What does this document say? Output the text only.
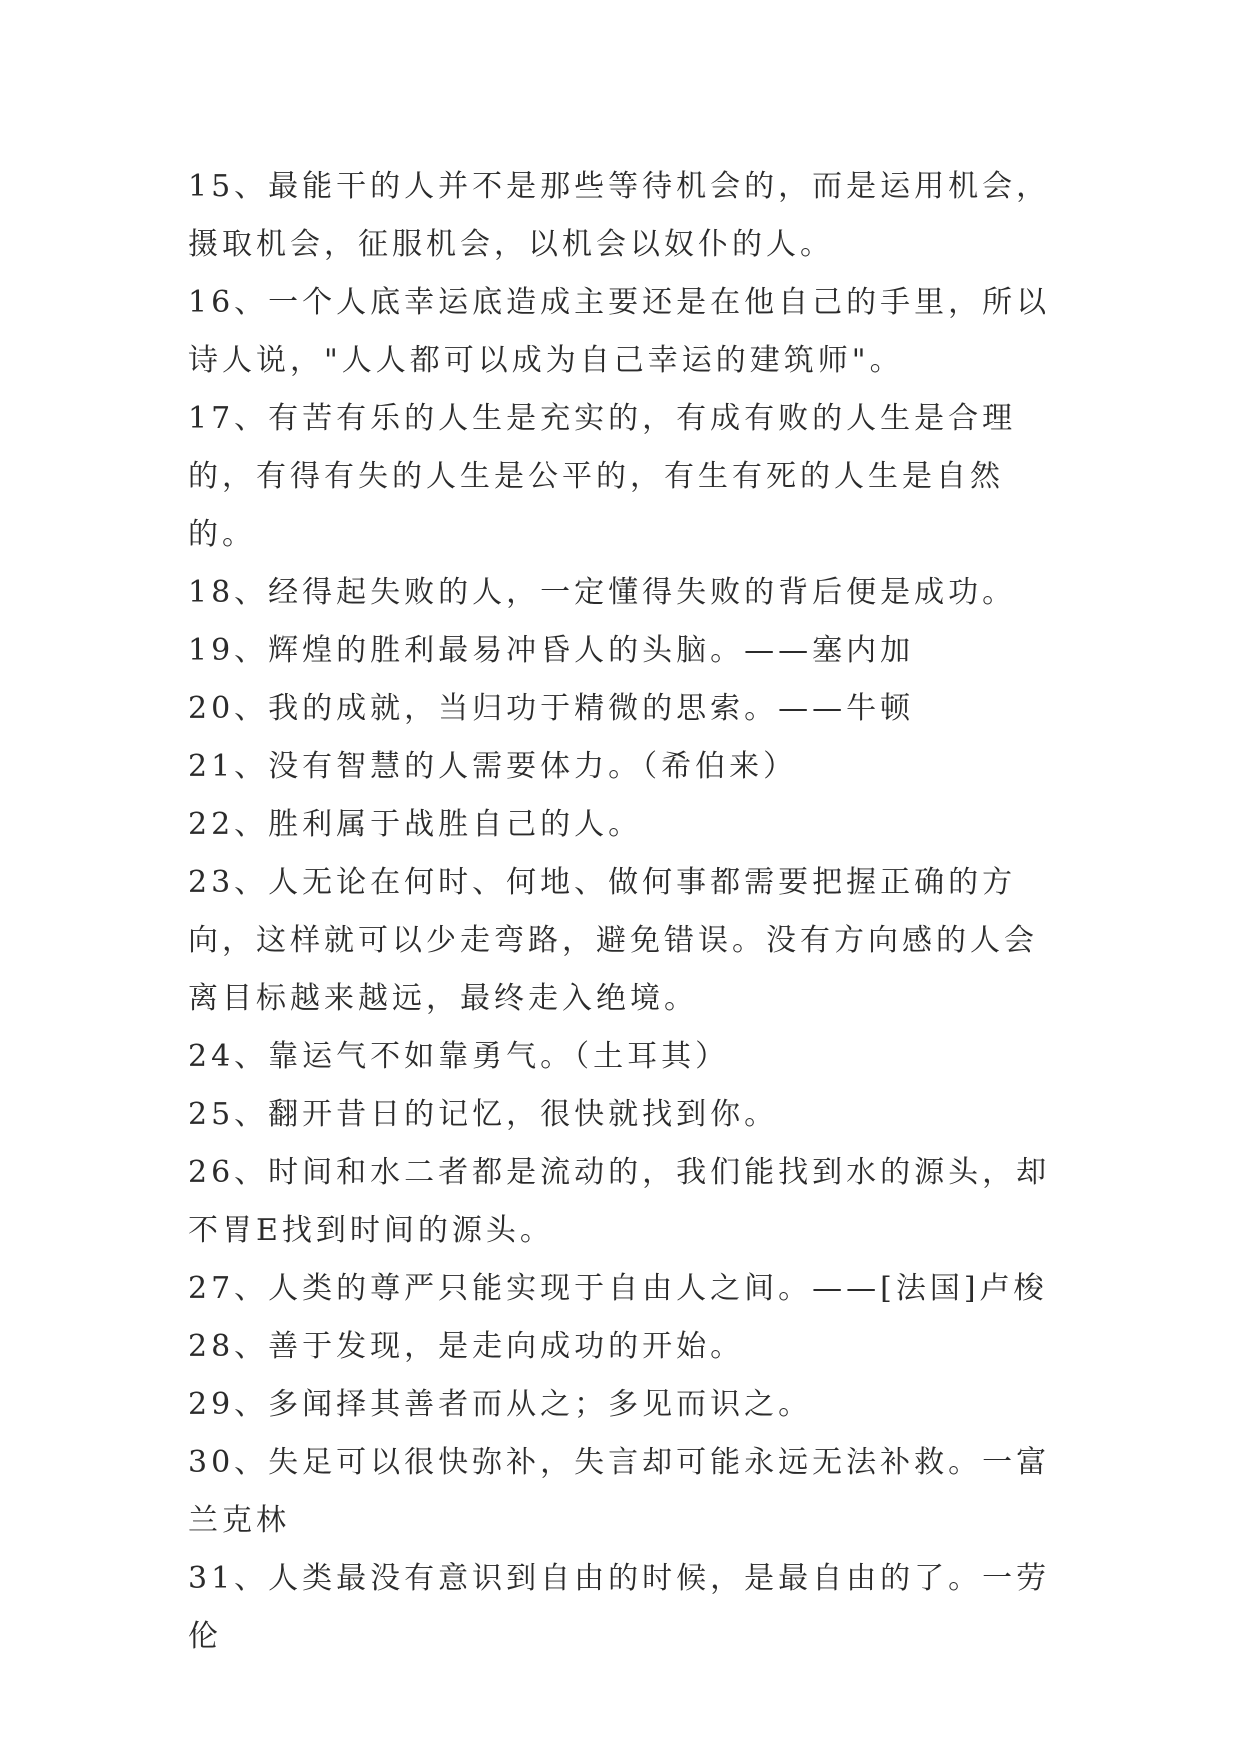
15、最能干的人并不是那些等待机会的，而是运用机会，摄取机会，征服机会，以机会以奴仆的人。

16、一个人底幸运底造成主要还是在他自己的手里，所以诗人说，"人人都可以成为自己幸运的建筑师"。

17、有苦有乐的人生是充实的，有成有败的人生是合理的，有得有失的人生是公平的，有生有死的人生是自然的。

18、经得起失败的人，一定懂得失败的背后便是成功。

19、辉煌的胜利最易冲昏人的头脑。——塞内加

20、我的成就，当归功于精微的思索。——牛顿

21、没有智慧的人需要体力。（希伯来）

22、胜利属于战胜自己的人。

23、人无论在何时、何地、做何事都需要把握正确的方向，这样就可以少走弯路，避免错误。没有方向感的人会离目标越来越远，最终走入绝境。

24、靠运气不如靠勇气。（土耳其）

25、翻开昔日的记忆，很快就找到你。

26、时间和水二者都是流动的，我们能找到水的源头，却不胃E找到时间的源头。

27、人类的尊严只能实现于自由人之间。——[法国]卢梭

28、善于发现，是走向成功的开始。

29、多闻择其善者而从之；多见而识之。

30、失足可以很快弥补，失言却可能永远无法补救。一富兰克林

31、人类最没有意识到自由的时候，是最自由的了。一劳伦
